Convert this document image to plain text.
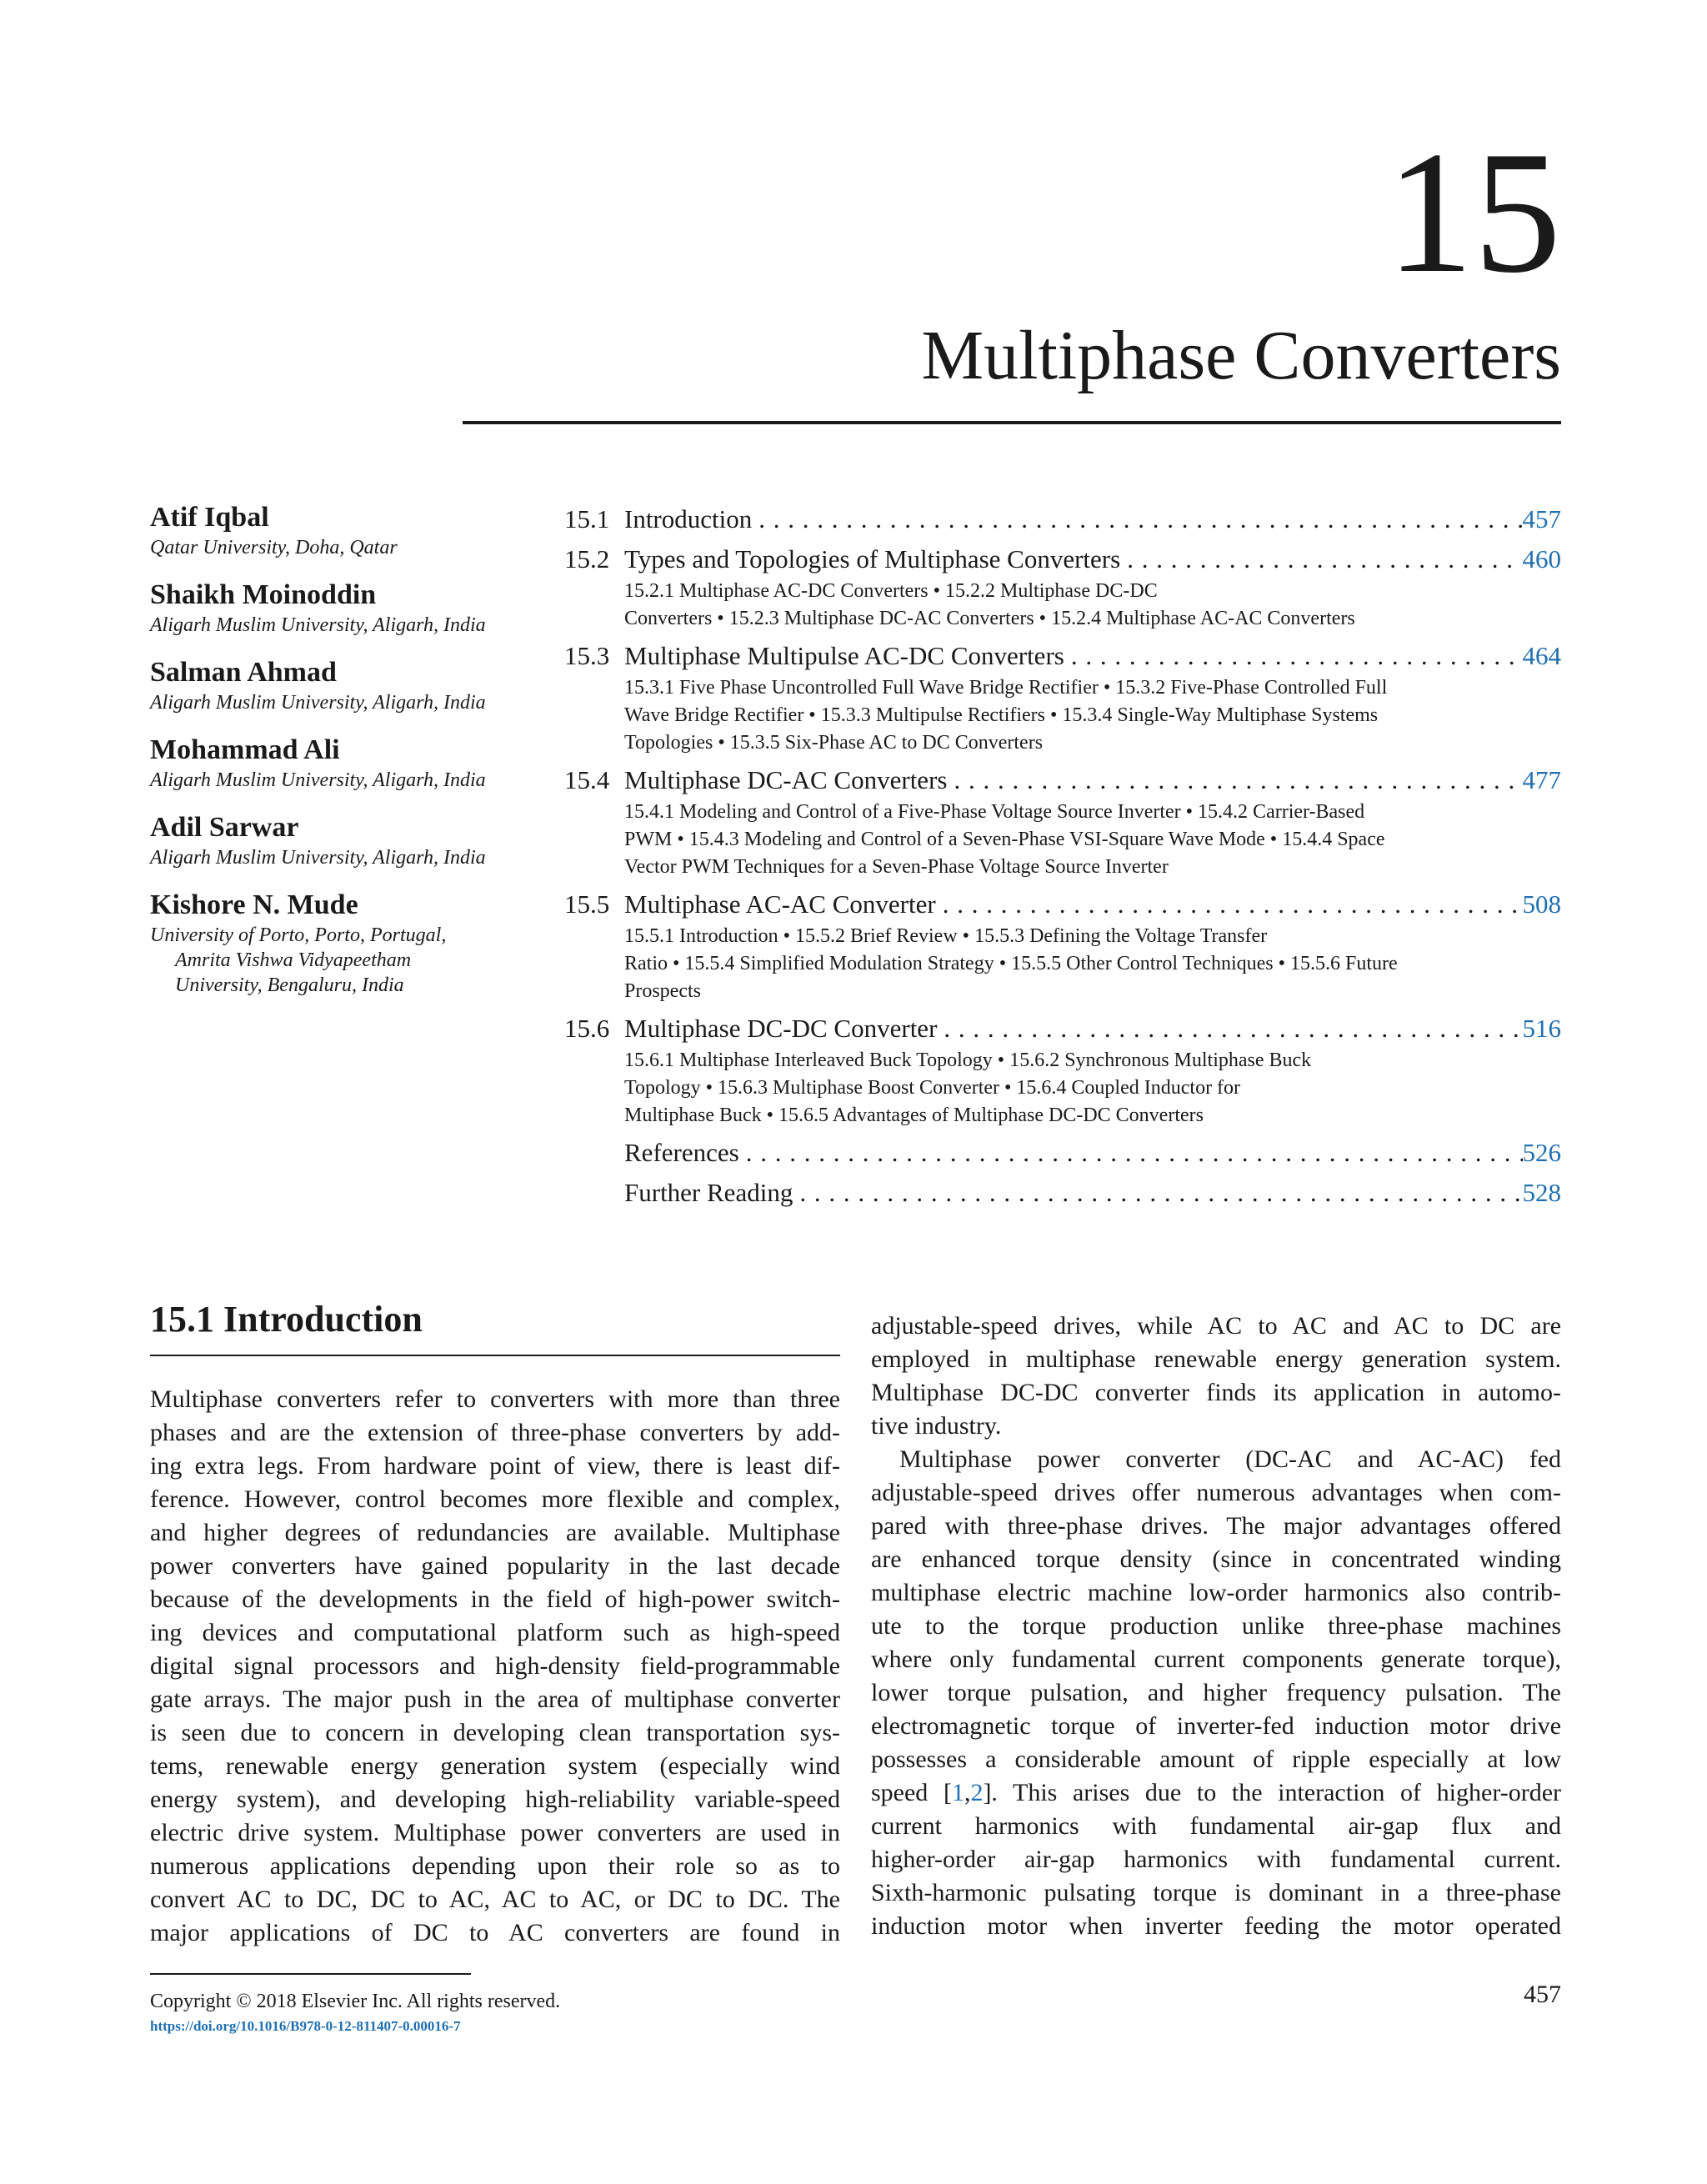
15
Multiphase Converters
Atif Iqbal
Qatar University, Doha, Qatar
Shaikh Moinoddin
Aligarh Muslim University, Aligarh, India
Salman Ahmad
Aligarh Muslim University, Aligarh, India
Mohammad Ali
Aligarh Muslim University, Aligarh, India
Adil Sarwar
Aligarh Muslim University, Aligarh, India
Kishore N. Mude
University of Porto, Porto, Portugal,
Amrita Vishwa Vidyapeetham
University, Bengaluru, India
15.1 Introduction . . .	457
15.2 Types and Topologies of Multiphase Converters . . .	460
15.2.1 Multiphase AC-DC Converters • 15.2.2 Multiphase DC-DC
Converters • 15.2.3 Multiphase DC-AC Converters • 15.2.4 Multiphase AC-AC Converters
15.3 Multiphase Multipulse AC-DC Converters . . .	464
15.3.1 Five Phase Uncontrolled Full Wave Bridge Rectifier • 15.3.2 Five-Phase Controlled Full
Wave Bridge Rectifier • 15.3.3 Multipulse Rectifiers • 15.3.4 Single-Way Multiphase Systems
Topologies • 15.3.5 Six-Phase AC to DC Converters
15.4 Multiphase DC-AC Converters . . .	477
15.4.1 Modeling and Control of a Five-Phase Voltage Source Inverter • 15.4.2 Carrier-Based
PWM • 15.4.3 Modeling and Control of a Seven-Phase VSI-Square Wave Mode • 15.4.4 Space
Vector PWM Techniques for a Seven-Phase Voltage Source Inverter
15.5 Multiphase AC-AC Converter . . .	508
15.5.1 Introduction • 15.5.2 Brief Review • 15.5.3 Defining the Voltage Transfer
Ratio • 15.5.4 Simplified Modulation Strategy • 15.5.5 Other Control Techniques • 15.5.6 Future
Prospects
15.6 Multiphase DC-DC Converter . . .	516
15.6.1 Multiphase Interleaved Buck Topology • 15.6.2 Synchronous Multiphase Buck
Topology • 15.6.3 Multiphase Boost Converter • 15.6.4 Coupled Inductor for
Multiphase Buck • 15.6.5 Advantages of Multiphase DC-DC Converters
References . . .	526
Further Reading . . .	528
15.1 Introduction

Multiphase converters refer to converters with more than three
phases and are the extension of three-phase converters by add-
ing extra legs. From hardware point of view, there is least dif-
ference. However, control becomes more flexible and complex,
and higher degrees of redundancies are available. Multiphase
power converters have gained popularity in the last decade
because of the developments in the field of high-power switch-
ing devices and computational platform such as high-speed
digital signal processors and high-density field-programmable
gate arrays. The major push in the area of multiphase converter
is seen due to concern in developing clean transportation sys-
tems, renewable energy generation system (especially wind
energy system), and developing high-reliability variable-speed
electric drive system. Multiphase power converters are used in
numerous applications depending upon their role so as to
convert AC to DC, DC to AC, AC to AC, or DC to DC. The
major applications of DC to AC converters are found in

adjustable-speed drives, while AC to AC and AC to DC are
employed in multiphase renewable energy generation system.
Multiphase DC-DC converter finds its application in automo-
tive industry.

Multiphase power converter (DC-AC and AC-AC) fed
adjustable-speed drives offer numerous advantages when com-
pared with three-phase drives. The major advantages offered
are enhanced torque density (since in concentrated winding
multiphase electric machine low-order harmonics also contrib-
ute to the torque production unlike three-phase machines
where only fundamental current components generate torque),
lower torque pulsation, and higher frequency pulsation. The
electromagnetic torque of inverter-fed induction motor drive
possesses a considerable amount of ripple especially at low
speed [1,2]. This arises due to the interaction of higher-order
current harmonics with fundamental air-gap flux and
higher-order air-gap harmonics with fundamental current.
Sixth-harmonic pulsating torque is dominant in a three-phase
induction motor when inverter feeding the motor operated

Copyright © 2018 Elsevier Inc. All rights reserved.
https://doi.org/10.1016/B978-0-12-811407-0.00016-7
457
